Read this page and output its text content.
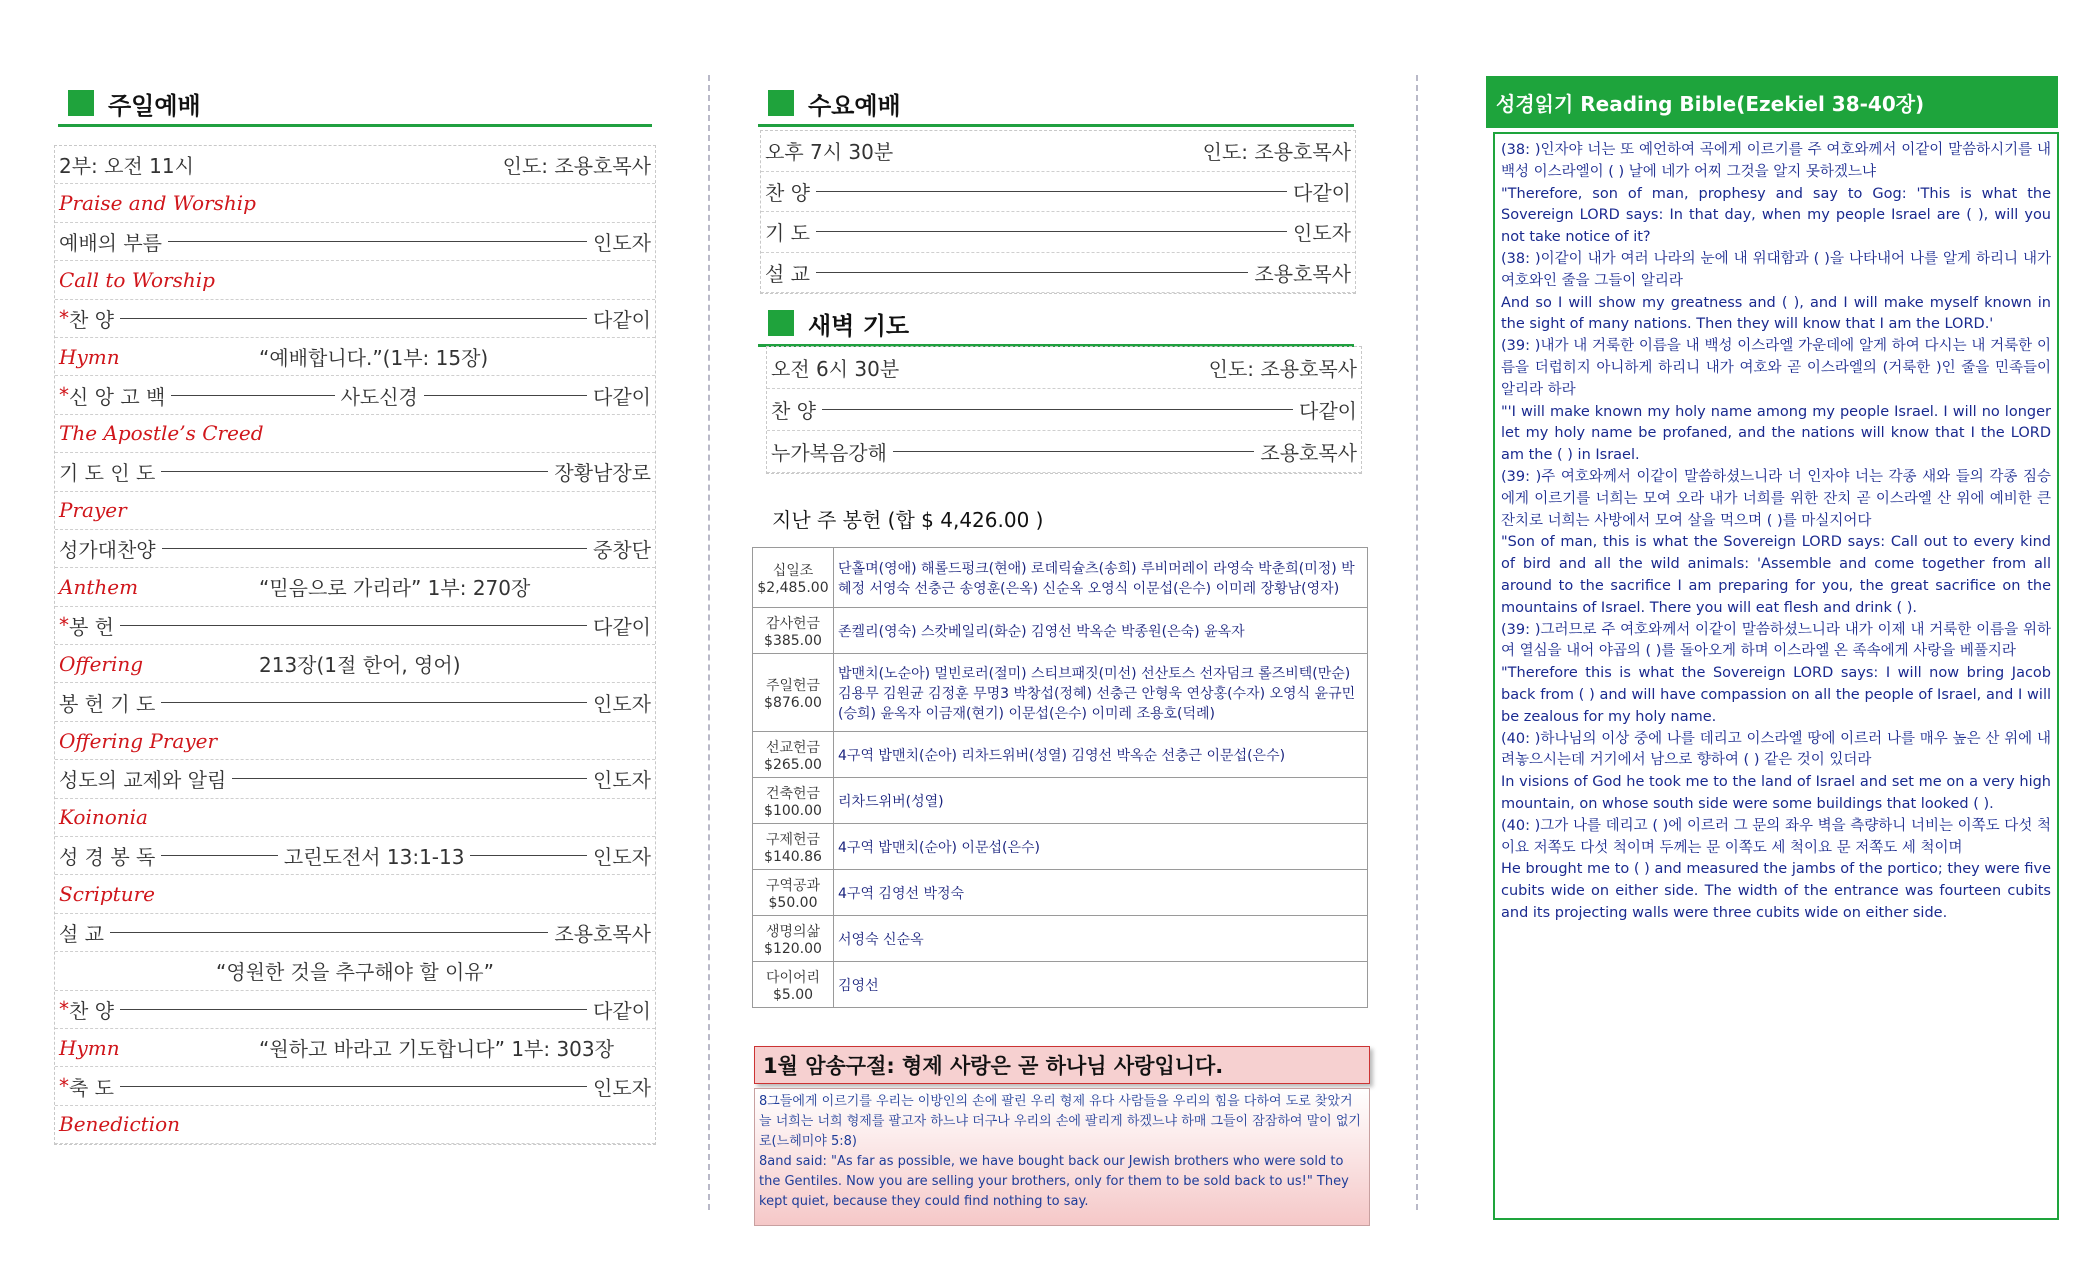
주일예배
2부: 오전 11시	인도: 조용호목사
Praise and Worship
예배의 부름	인도자
Call to Worship
* 찬 양	다같이
Hymn	“예배합니다.”(1부: 15장)
* 신 앙 고 백	사도신경	다같이
The Apostle’s Creed
기 도 인 도	장황남장로
Prayer
성가대찬양	중창단
Anthem	“믿음으로 가리라” 1부: 270장
* 봉 헌	다같이
Offering	213장(1절 한어, 영어)
봉 헌 기 도	인도자
Offering Prayer
성도의 교제와 알림	인도자
Koinonia
성 경 봉 독	고린도전서 13:1-13	인도자
Scripture
설 교	조용호목사
“영원한 것을 추구해야 할 이유”
* 찬 양	다같이
Hymn	“원하고 바라고 기도합니다” 1부: 303장
* 축 도	인도자
Benediction
수요예배
오후 7시 30분	인도: 조용호목사
찬 양	다같이
기 도	인도자
설 교	조용호목사
새벽 기도
오전 6시 30분	인도: 조용호목사
찬 양	다같이
누가복음강해	조용호목사
지난 주 봉헌 (합 $ 4,426.00 )
십일조
$2,485.00	단홀며(영애) 해롤드펑크(현애) 로데릭슐츠(송희) 루비머레이 라영숙 박춘희(미정) 박혜정 서영숙 선충근 송영훈(은옥) 신순옥 오영식 이문섭(은수) 이미레 장황남(영자)

감사헌금
$385.00	존켈리(영숙) 스캇베일리(화순) 김영선 박옥순 박종원(은숙) 윤옥자

주일헌금
$876.00	밥맨치(노순아) 멀빈로러(절미) 스티브패짓(미선) 선산토스 선자덤크 롤즈비텍(만순) 김용무 김원균 김정훈 무명3 박창섭(정혜) 선충근 안형욱 연상홍(수자) 오영식 윤규민(승희) 윤옥자 이금재(현기) 이문섭(은수) 이미레 조용호(덕례)

선교헌금
$265.00	4구역 밥맨치(순아) 리차드위버(성열) 김영선 박옥순 선충근 이문섭(은수)

건축헌금
$100.00	리차드위버(성열)

구제헌금
$140.86	4구역 밥맨치(순아) 이문섭(은수)

구역공과
$50.00	4구역 김영선 박정숙

생명의삶
$120.00	서영숙 신순옥

다이어리
$5.00	김영선
1월 암송구절: 형제 사랑은 곧 하나님 사랑입니다.
8그들에게 이르기를 우리는 이방인의 손에 팔린 우리 형제 유다 사람들을 우리의 힘을 다하여 도로 찾았거늘 너희는 너희 형제를 팔고자 하느냐 더구나 우리의 손에 팔리게 하겠느냐 하매 그들이 잠잠하여 말이 없기로(느헤미야 5:8)
8and said: "As far as possible, we have bought back our Jewish brothers who were sold to the Gentiles. Now you are selling your brothers, only for them to be sold back to us!" They kept quiet, because they could find nothing to say.
성경읽기 Reading Bible(Ezekiel 38-40장)

(38: )인자야 너는 또 예언하여 곡에게 이르기를 주 여호와께서 이같이 말씀하시기를 내 백성 이스라엘이 ( ) 날에 네가 어찌 그것을 알지 못하겠느냐

"Therefore, son of man, prophesy and say to Gog: 'This is what the Sovereign LORD says: In that day, when my people Israel are ( ), will you not take notice of it?

(38: )이같이 내가 여러 나라의 눈에 내 위대함과 ( )을 나타내어 나를 알게 하리니 내가 여호와인 줄을 그들이 알리라

And so I will show my greatness and ( ), and I will make myself known in the sight of many nations. Then they will know that I am the LORD.'

(39: )내가 내 거룩한 이름을 내 백성 이스라엘 가운데에 알게 하여 다시는 내 거룩한 이름을 더럽히지 아니하게 하리니 내가 여호와 곧 이스라엘의 (거룩한 )인 줄을 민족들이 알리라 하라

"'I will make known my holy name among my people Israel. I will no longer let my holy name be profaned, and the nations will know that I the LORD am the ( ) in Israel.

(39: )주 여호와께서 이같이 말씀하셨느니라 너 인자야 너는 각종 새와 들의 각종 짐승에게 이르기를 너희는 모여 오라 내가 너희를 위한 잔치 곧 이스라엘 산 위에 예비한 큰 잔치로 너희는 사방에서 모여 살을 먹으며 ( )를 마실지어다

"Son of man, this is what the Sovereign LORD says: Call out to every kind of bird and all the wild animals: 'Assemble and come together from all around to the sacrifice I am preparing for you, the great sacrifice on the mountains of Israel. There you will eat flesh and drink ( ).

(39: )그러므로 주 여호와께서 이같이 말씀하셨느니라 내가 이제 내 거룩한 이름을 위하여 열심을 내어 야곱의 ( )를 돌아오게 하며 이스라엘 온 족속에게 사랑을 베풀지라

"Therefore this is what the Sovereign LORD says: I will now bring Jacob back from ( ) and will have compassion on all the people of Israel, and I will be zealous for my holy name.

(40: )하나님의 이상 중에 나를 데리고 이스라엘 땅에 이르러 나를 매우 높은 산 위에 내려놓으시는데 거기에서 남으로 향하여 ( ) 같은 것이 있더라

In visions of God he took me to the land of Israel and set me on a very high mountain, on whose south side were some buildings that looked ( ).

(40: )그가 나를 데리고 ( )에 이르러 그 문의 좌우 벽을 측량하니 너비는 이쪽도 다섯 척이요 저쪽도 다섯 척이며 두께는 문 이쪽도 세 척이요 문 저쪽도 세 척이며

He brought me to ( ) and measured the jambs of the portico; they were five cubits wide on either side. The width of the entrance was fourteen cubits and its projecting walls were three cubits wide on either side.
